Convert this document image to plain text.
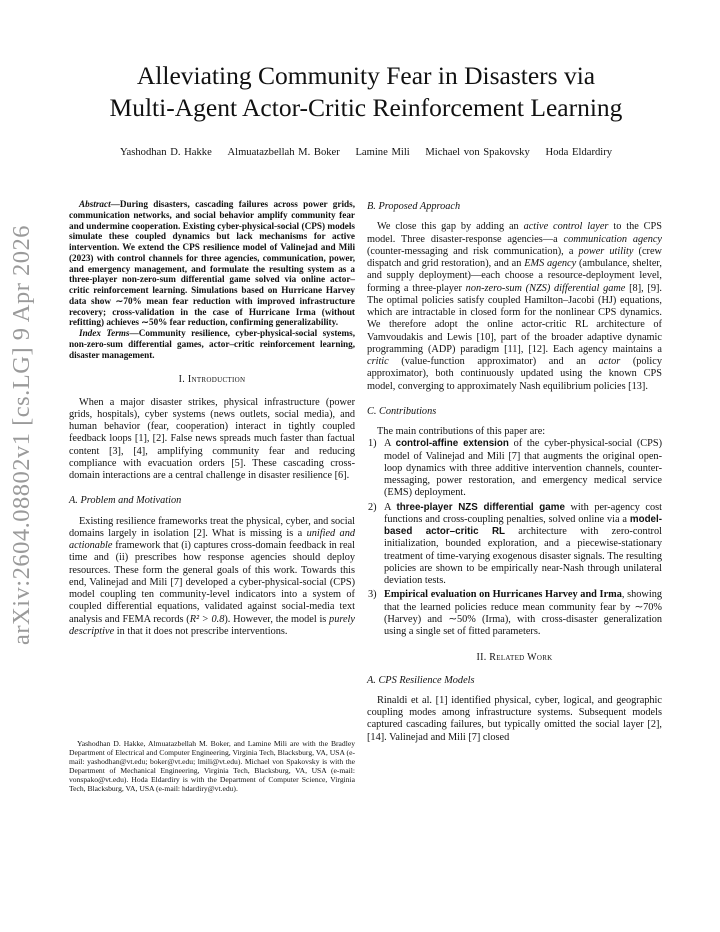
arXiv:2604.08802v1 [cs.LG] 9 Apr 2026
Alleviating Community Fear in Disasters via
Multi-Agent Actor-Critic Reinforcement Learning
Yashodhan D. Hakke Almuatazbellah M. Boker Lamine Mili Michael von Spakovsky Hoda Eldardiry

Abstract—During disasters, cascading failures across power grids, communication networks, and social behavior amplify community fear and undermine cooperation. Existing cyber-physical-social (CPS) models simulate these coupled dynamics but lack mechanisms for active intervention. We extend the CPS resilience model of Valinejad and Mili (2023) with control channels for three agencies, communication, power, and emergency management, and formulate the resulting system as a three-player non-zero-sum differential game solved via online actor–critic reinforcement learning. Simulations based on Hurricane Harvey data show ∼70% mean fear reduction with improved infrastructure recovery; cross-validation in the case of Hurricane Irma (without refitting) achieves ∼50% fear reduction, confirming generalizability.

Index Terms—Community resilience, cyber-physical-social systems, non-zero-sum differential games, actor–critic reinforcement learning, disaster management.

I. Introduction

When a major disaster strikes, physical infrastructure (power grids, hospitals), cyber systems (news outlets, social media), and human behavior (fear, cooperation) interact in tightly coupled feedback loops [1], [2]. False news spreads much faster than factual content [3], [4], amplifying community fear and reducing compliance with evacuation orders [5]. These cascading cross-domain interactions are a central challenge in disaster resilience [6].

A. Problem and Motivation

Existing resilience frameworks treat the physical, cyber, and social domains largely in isolation [2]. What is missing is a unified and actionable framework that (i) captures cross-domain feedback in real time and (ii) prescribes how response agencies should deploy resources. These form the general goals of this work. Towards this end, Valinejad and Mili [7] developed a cyber-physical-social (CPS) model coupling ten community-level indicators into a system of coupled differential equations, validated against social-media text analysis and FEMA records (R² > 0.8). However, the model is purely descriptive in that it does not prescribe interventions.

Yashodhan D. Hakke, Almuatazbellah M. Boker, and Lamine Mili are with the Bradley Department of Electrical and Computer Engineering, Virginia Tech, Blacksburg, VA, USA (e-mail: yashodhan@vt.edu; boker@vt.edu; lmili@vt.edu). Michael von Spakovsky is with the Department of Mechanical Engineering, Virginia Tech, Blacksburg, VA, USA (e-mail: vonspako@vt.edu). Hoda Eldardiry is with the Department of Computer Science, Virginia Tech, Blacksburg, VA, USA (e-mail: hdardiry@vt.edu).

B. Proposed Approach

We close this gap by adding an active control layer to the CPS model. Three disaster-response agencies—a communication agency (counter-messaging and risk communication), a power utility (crew dispatch and grid restoration), and an EMS agency (ambulance, shelter, and supply deployment)—each choose a resource-deployment level, forming a three-player non-zero-sum (NZS) differential game [8], [9]. The optimal policies satisfy coupled Hamilton–Jacobi (HJ) equations, which are intractable in closed form for the nonlinear CPS dynamics. We therefore adopt the online actor-critic RL architecture of Vamvoudakis and Lewis [10], part of the broader adaptive dynamic programming (ADP) paradigm [11], [12]. Each agency maintains a critic (value-function approximator) and an actor (policy approximator), both continuously updated using the known CPS model, converging to approximately Nash equilibrium policies [13].

C. Contributions

The main contributions of this paper are:

1) A control-affine extension of the cyber-physical-social (CPS) model of Valinejad and Mili [7] that augments the original open-loop dynamics with three additive intervention channels, counter-messaging, power restoration, and emergency medical service (EMS) deployment.
2) A three-player NZS differential game with per-agency cost functions and cross-coupling penalties, solved online via a model-based actor–critic RL architecture with zero-control initialization, bounded exploration, and a piecewise-stationary treatment of time-varying exogenous disaster signals. The resulting policies are shown to be empirically near-Nash through unilateral deviation tests.
3) Empirical evaluation on Hurricanes Harvey and Irma, showing that the learned policies reduce mean community fear by ∼70% (Harvey) and ∼50% (Irma), with cross-disaster generalization using a single set of fitted parameters.
II. Related Work
A. CPS Resilience Models

Rinaldi et al. [1] identified physical, cyber, logical, and geographic coupling modes among infrastructure systems. Subsequent models captured cascading failures, but typically omitted the social layer [2], [14]. Valinejad and Mili [7] closed
